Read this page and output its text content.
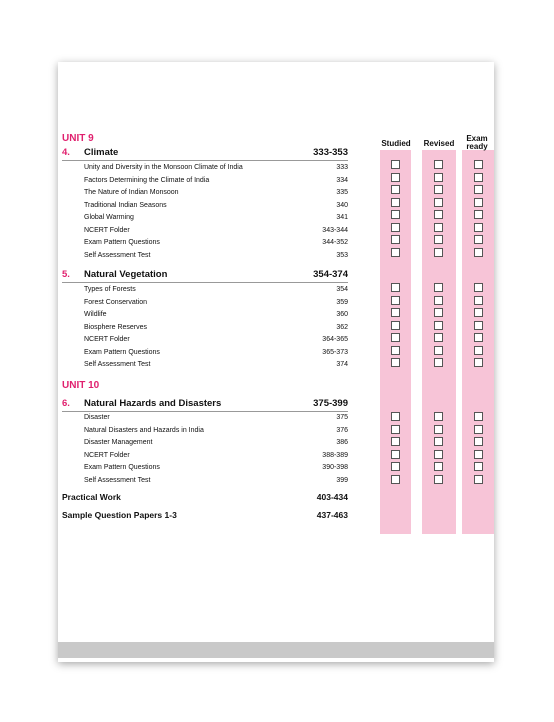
Studied	Revised
Exam ready
UNIT 9
4. Climate	333-353
Unity and Diversity in the Monsoon Climate of India	333
Factors Determining the Climate of India	334
The Nature of Indian Monsoon	335
Traditional Indian Seasons	340
Global Warming	341
NCERT Folder	343-344
Exam Pattern Questions	344-352
Self Assessment Test	353
5. Natural Vegetation	354-374
Types of Forests	354
Forest Conservation	359
Wildlife	360
Biosphere Reserves	362
NCERT Folder	364-365
Exam Pattern Questions	365-373
Self Assessment Test	374
UNIT 10
6. Natural Hazards and Disasters	375-399
Disaster	375
Natural Disasters and Hazards in India	376
Disaster Management	386
NCERT Folder	388-389
Exam Pattern Questions	390-398
Self Assessment Test	399
Practical Work	403-434
Sample Question Papers 1-3	437-463
